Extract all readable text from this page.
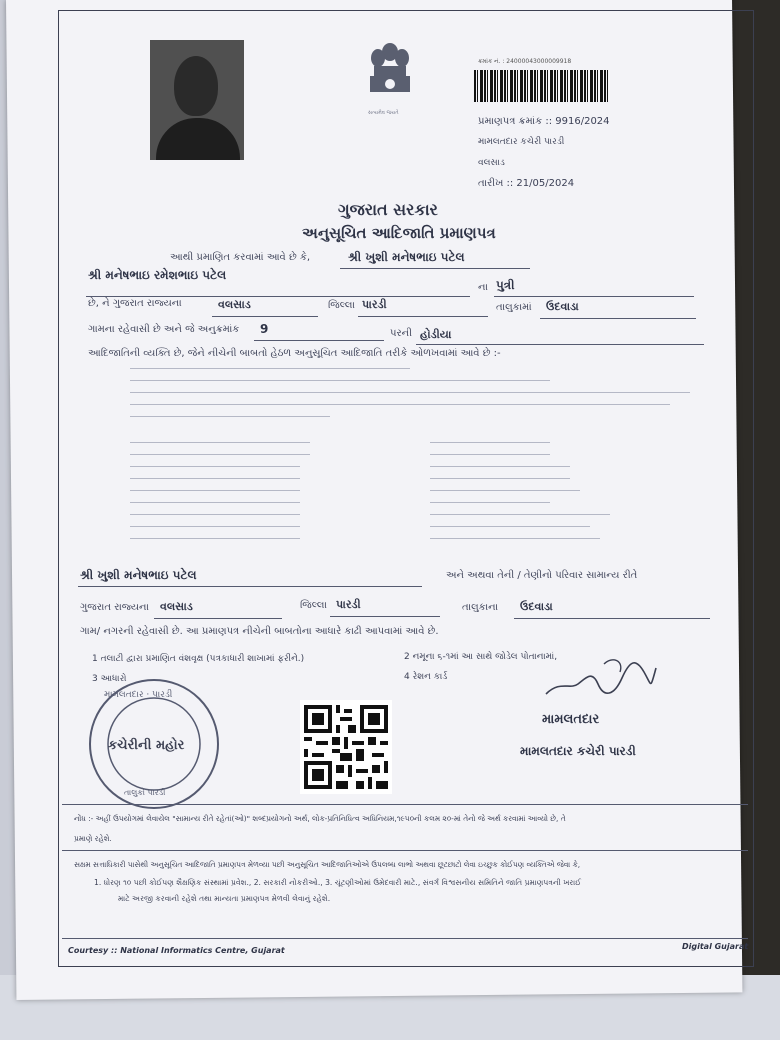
સત્યમેવ જયતે
ક્રમાંક નં. : 24000043000009918
પ્રમાણપત્ર ક્રમાંક :: 9916/2024
મામલતદાર કચેરી પારડી
વલસાડ
તારીખ :: 21/05/2024
ગુજરાત સરકાર
અનુસૂચિત આદિજાતિ પ્રમાણપત્ર
આથી પ્રમાણિત કરવામાં આવે છે કે,	શ્રી ખુશી મનેષભાઇ પટેલ
શ્રી મનેષભાઇ રમેશભાઇ પટેલ
ના પુત્રી
છે, ને ગુજરાત રાજ્યના	વલસાડ	જિલ્લા પારડી	તાલુકામાં ઉદવાડા
ગામના રહેવાસી છે અને જે અનુક્રમાંક 9	પરની હોડીયા
આદિજાતિની વ્યક્તિ છે, જેને નીચેની બાબતો હેઠળ અનુસૂચિત આદિજાતિ તરીકે ઓળખવામાં આવે છે :-
શ્રી ખુશી મનેષભાઇ પટેલ	અને અથવા તેની / તેણીનો પરિવાર સામાન્ય રીતે
ગુજરાત રાજ્યના વલસાડ	જિલ્લા પારડી	તાલુકાના ઉદવાડા
ગામ/ નગરની રહેવાસી છે. આ પ્રમાણપત્ર નીચેની બાબતોના આધારે કાઢી આપવામાં આવે છે.
1 તલાટી દ્વારા પ્રમાણિત વંશવૃક્ષ (પત્રકાધારી શાખામાં ફરીને.)	2 નમૂના ૬-૧માં આ સાથે જોડેલ પોતાનામાં,
3 આધારો	4 રેશન કાર્ડ
મામલતદાર · પારડી
કચેરીની મહોર
તાલુકો પારડી
મામલતદાર
મામલતદાર કચેરી પારડી
નોંધ :- અહીં ઉપયોગમાં લેવાયેલ "સામાન્ય રીતે રહેતાં(ઓ)" શબ્દપ્રયોગનો અર્થ, લોક-પ્રતિનિધિત્વ અધિનિયમ,૧૯૫૦ની કલમ ૨૦-માં તેનો જે અર્થ કરવામાં આવ્યો છે, તે
પ્રમાણે રહેશે.
સક્ષમ સત્તાધિકારી પાસેથી અનુસૂચિત આદિજાતિ પ્રમાણપત્ર મેળવ્યા પછી અનુસૂચિત આદિજાતિઓએ ઉપલબ્ધ લાભો અથવા છૂટછાટો લેવા ઇચ્છુક કોઈપણ વ્યક્તિએ જેવા કે,
1. ધોરણ ૧૦ પછી કોઈપણ શૈક્ષણિક સંસ્થામાં પ્રવેશ., 2. સરકારી નોકરીઓ., 3. ચૂંટણીઓમાં ઉમેદવારી માટે., સંવર્ગ વિશ્વસનીય સમિતિને જાતિ પ્રમાણપત્રની ખરાઈ
માટે અરજી કરવાની રહેશે તથા માન્યતા પ્રમાણપત્ર મેળવી લેવાનું રહેશે.
Courtesy :: National Informatics Centre, Gujarat	Digital Gujarat
